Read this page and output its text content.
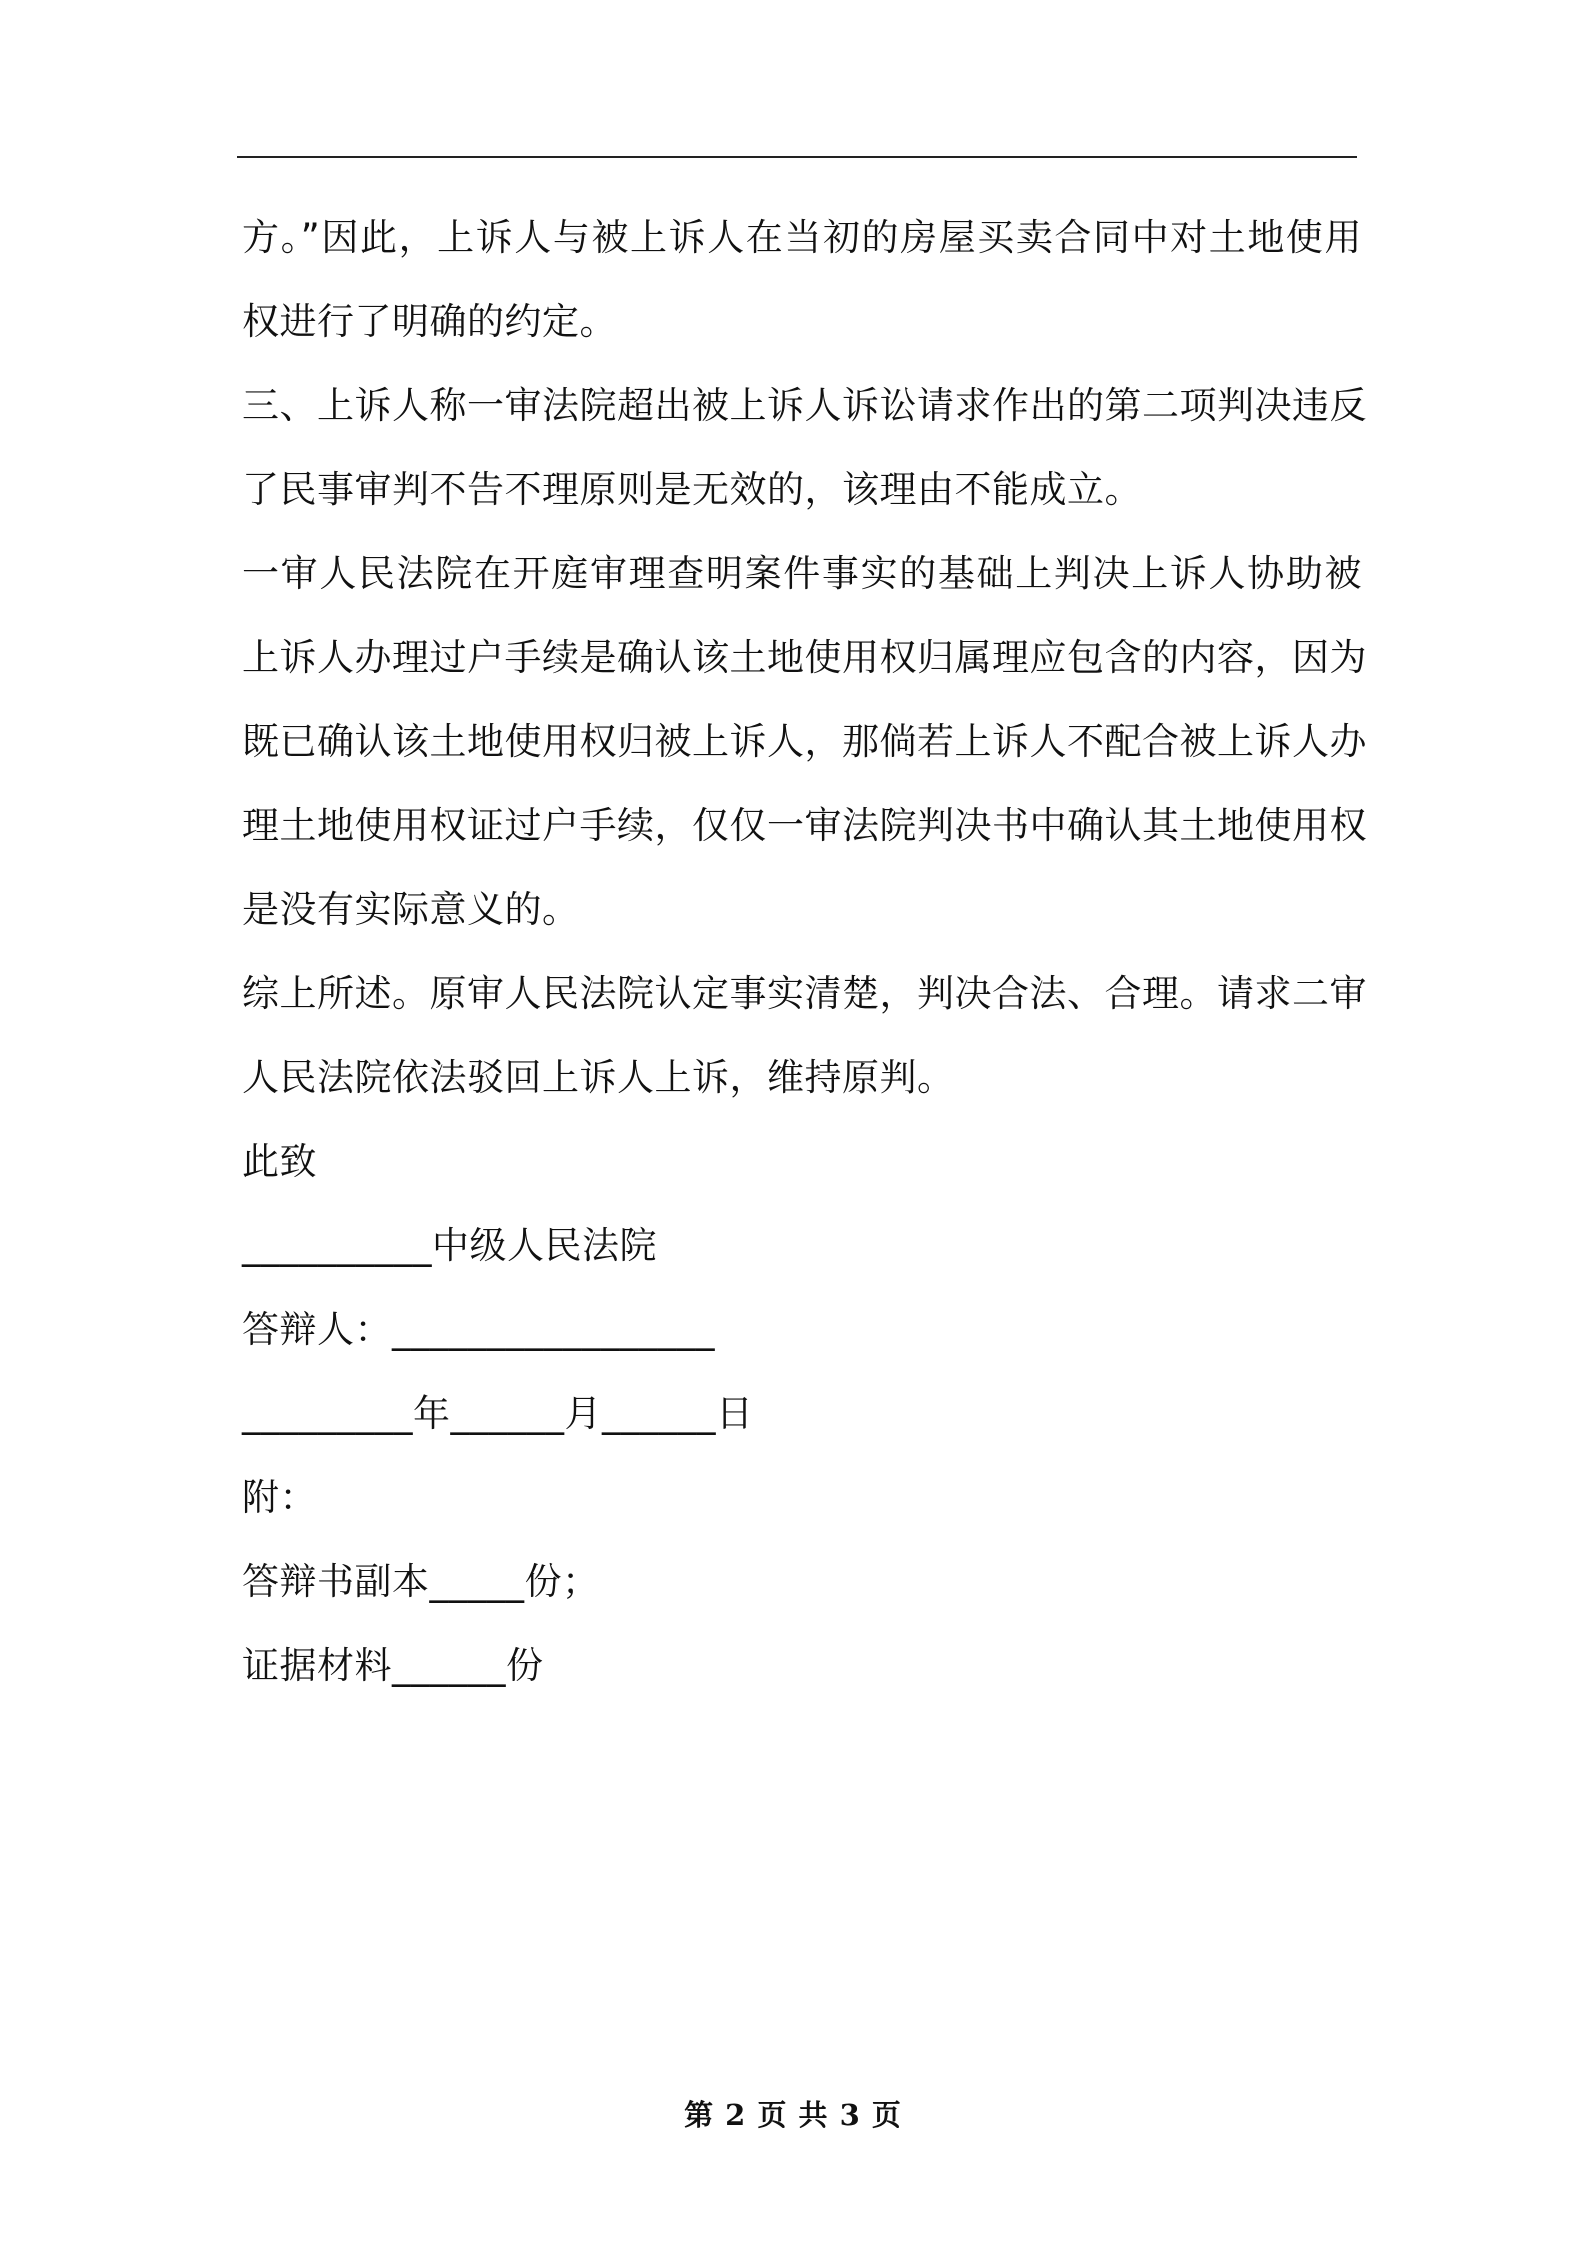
方。”因此，上诉人与被上诉人在当初的房屋买卖合同中对土地使用
权进行了明确的约定。
三、上诉人称一审法院超出被上诉人诉讼请求作出的第二项判决违反
了民事审判不告不理原则是无效的，该理由不能成立。
一审人民法院在开庭审理查明案件事实的基础上判决上诉人协助被
上诉人办理过户手续是确认该土地使用权归属理应包含的内容，因为
既已确认该土地使用权归被上诉人，那倘若上诉人不配合被上诉人办
理土地使用权证过户手续，仅仅一审法院判决书中确认其土地使用权
是没有实际意义的。
综上所述。原审人民法院认定事实清楚，判决合法、合理。请求二审
人民法院依法驳回上诉人上诉，维持原判。
此致
__________中级人民法院
答辩人：_________________
_________年______月______日
附：
答辩书副本_____份；
证据材料______份
第 2 页 共 3 页
